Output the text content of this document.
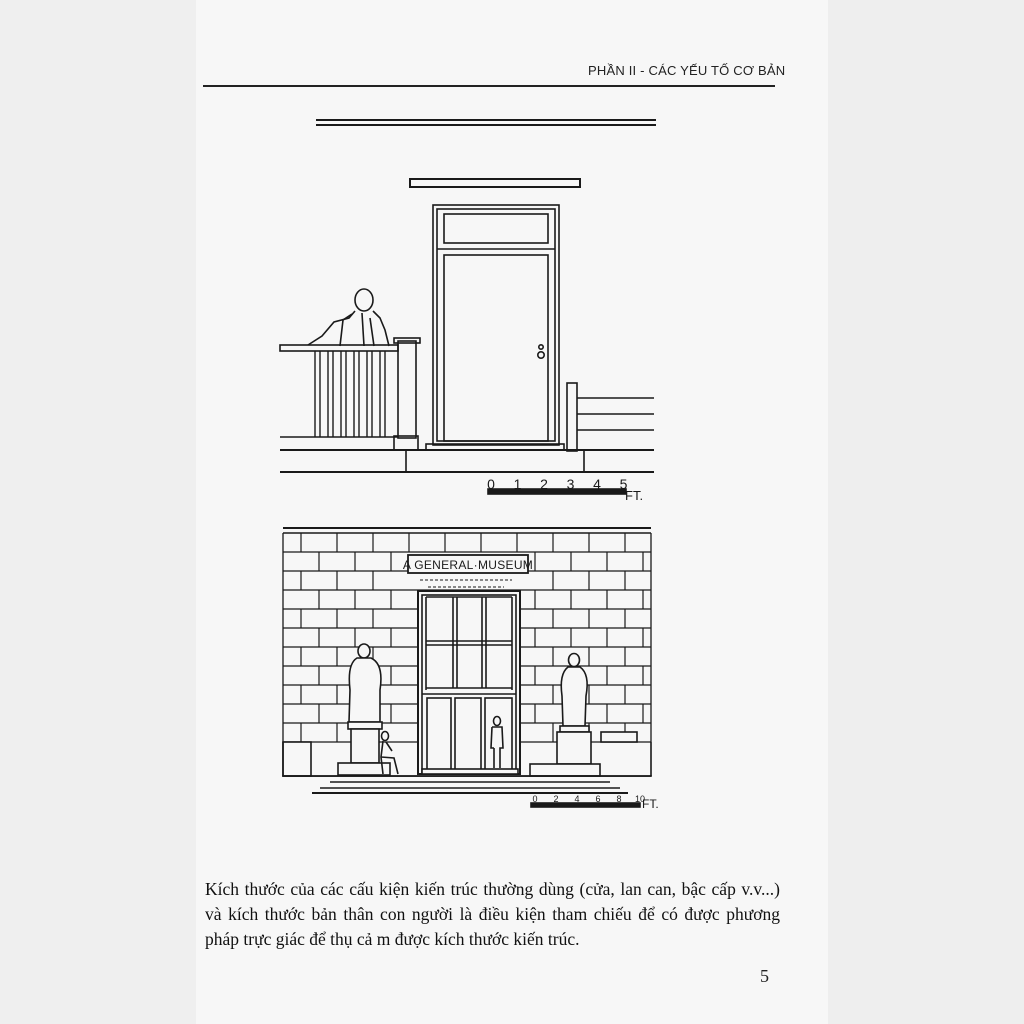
PHẦN II - CÁC YẾU TỐ CƠ BẢN
0 1 2 3 4 5
FT.
A GENERAL·MUSEUM
0 2 4 6 8 10
FT.
Kích thước của các cấu kiện kiến trúc thường dùng (cửa, lan can, bậc cấp v.v...) và kích thước bản thân con người là điều kiện tham chiếu để có được phương pháp trực giác để thụ cả m được kích thước kiến trúc.
5
